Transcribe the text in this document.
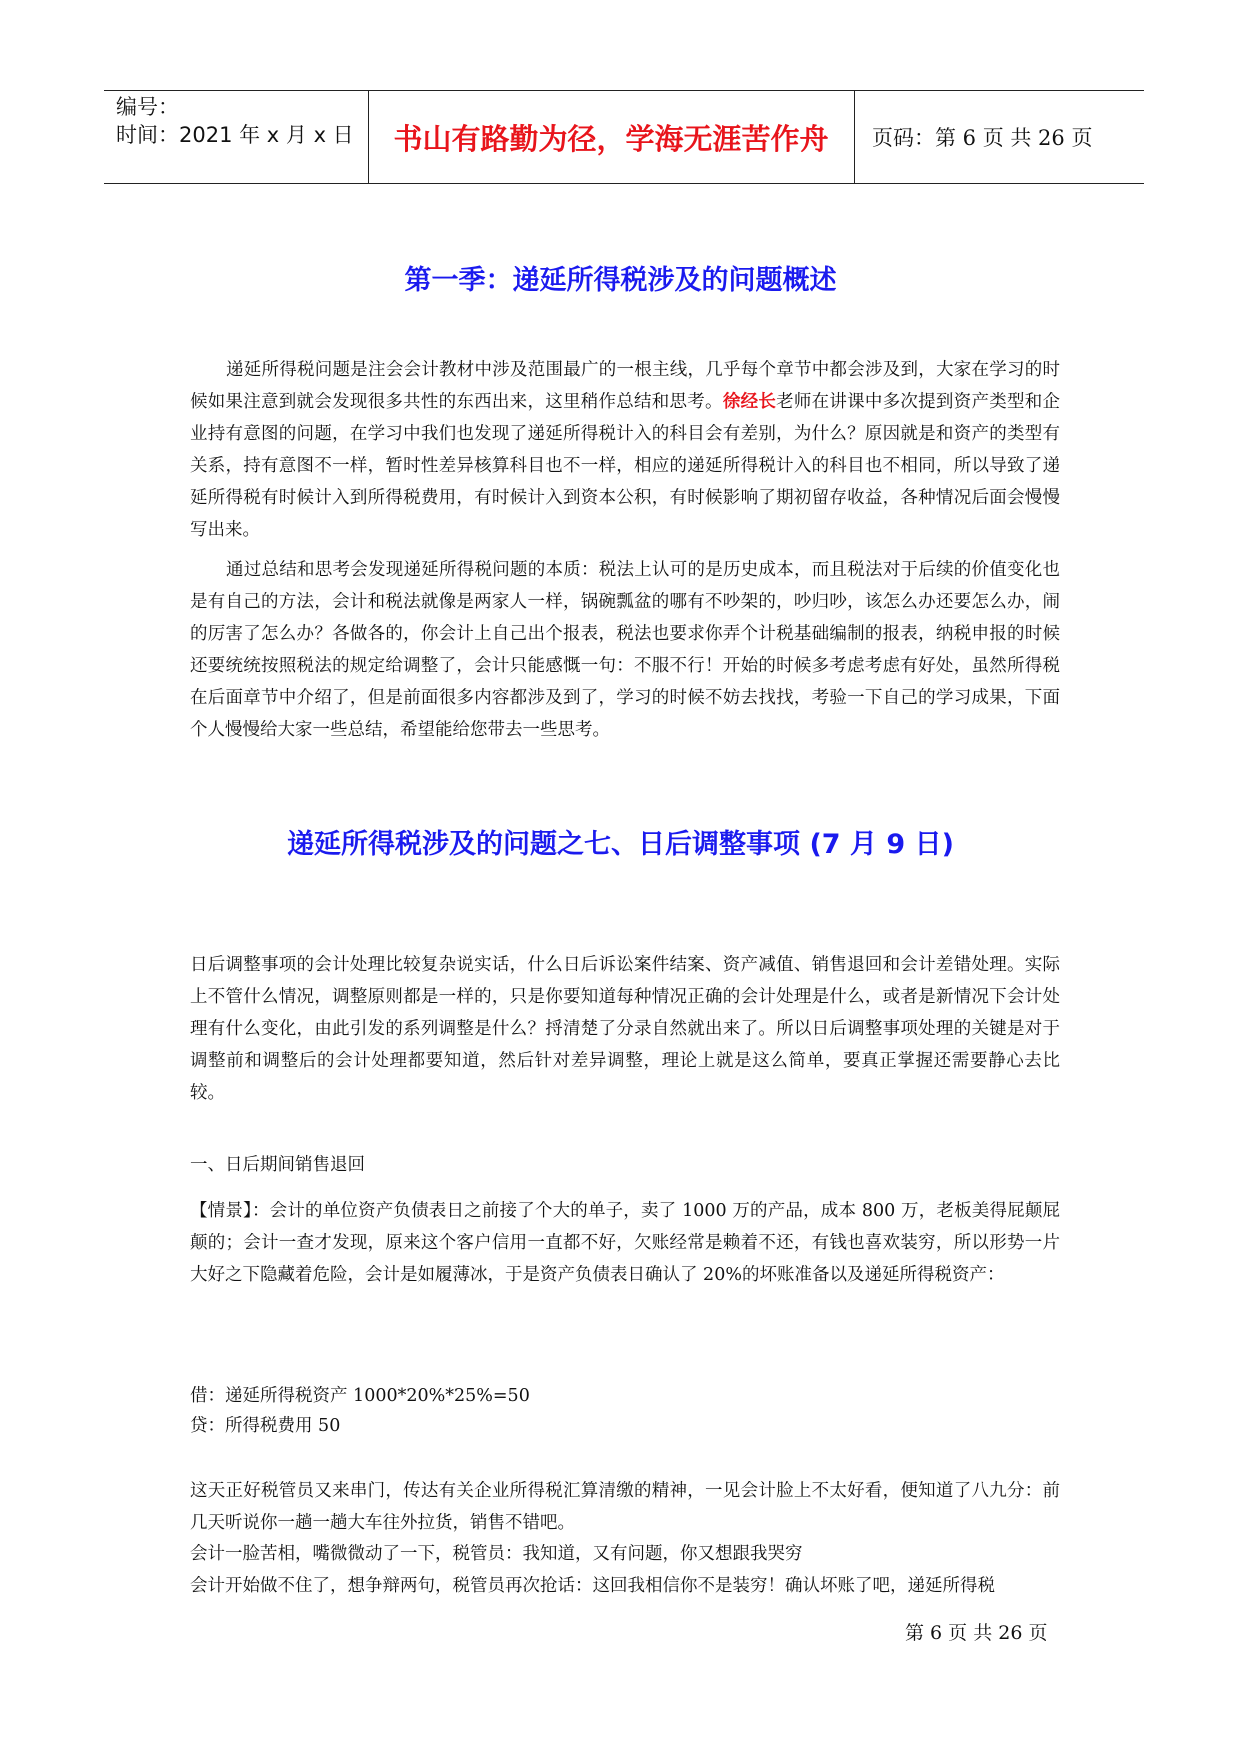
编号：
时间：2021 年 x 月 x 日 书山有路勤为径，学海无涯苦作舟	页码：第 6 页 共 26 页
第一季：递延所得税涉及的问题概述

递延所得税问题是注会会计教材中涉及范围最广的一根主线，几乎每个章节中都会涉及到，大家在学习的时候如果注意到就会发现很多共性的东西出来，这里稍作总结和思考。徐经长老师在讲课中多次提到资产类型和企业持有意图的问题，在学习中我们也发现了递延所得税计入的科目会有差别，为什么？原因就是和资产的类型有关系，持有意图不一样，暂时性差异核算科目也不一样，相应的递延所得税计入的科目也不相同，所以导致了递延所得税有时候计入到所得税费用，有时候计入到资本公积，有时候影响了期初留存收益，各种情况后面会慢慢写出来。

通过总结和思考会发现递延所得税问题的本质：税法上认可的是历史成本，而且税法对于后续的价值变化也是有自己的方法，会计和税法就像是两家人一样，锅碗瓢盆的哪有不吵架的，吵归吵，该怎么办还要怎么办，闹的厉害了怎么办？各做各的，你会计上自己出个报表，税法也要求你弄个计税基础编制的报表，纳税申报的时候还要统统按照税法的规定给调整了，会计只能感慨一句：不服不行！开始的时候多考虑考虑有好处，虽然所得税在后面章节中介绍了，但是前面很多内容都涉及到了，学习的时候不妨去找找，考验一下自己的学习成果，下面个人慢慢给大家一些总结，希望能给您带去一些思考。

递延所得税涉及的问题之七、日后调整事项 (7 月 9 日)

日后调整事项的会计处理比较复杂说实话，什么日后诉讼案件结案、资产减值、销售退回和会计差错处理。实际上不管什么情况，调整原则都是一样的，只是你要知道每种情况正确的会计处理是什么，或者是新情况下会计处理有什么变化，由此引发的系列调整是什么？捋清楚了分录自然就出来了。所以日后调整事项处理的关键是对于调整前和调整后的会计处理都要知道，然后针对差异调整，理论上就是这么简单，要真正掌握还需要静心去比较。

一、日后期间销售退回

【情景】：会计的单位资产负债表日之前接了个大的单子，卖了 1000 万的产品，成本 800 万，老板美得屁颠屁颠的；会计一查才发现，原来这个客户信用一直都不好，欠账经常是赖着不还，有钱也喜欢装穷，所以形势一片大好之下隐藏着危险，会计是如履薄冰，于是资产负债表日确认了 20%的坏账准备以及递延所得税资产：

借：递延所得税资产 1000*20%*25%=50
贷：所得税费用 50

这天正好税管员又来串门，传达有关企业所得税汇算清缴的精神，一见会计脸上不太好看，便知道了八九分：前几天听说你一趟一趟大车往外拉货，销售不错吧。

会计一脸苦相，嘴微微动了一下，税管员：我知道，又有问题，你又想跟我哭穷
会计开始做不住了，想争辩两句，税管员再次抢话：这回我相信你不是装穷！确认坏账了吧，递延所得税
第 6 页 共 26 页
